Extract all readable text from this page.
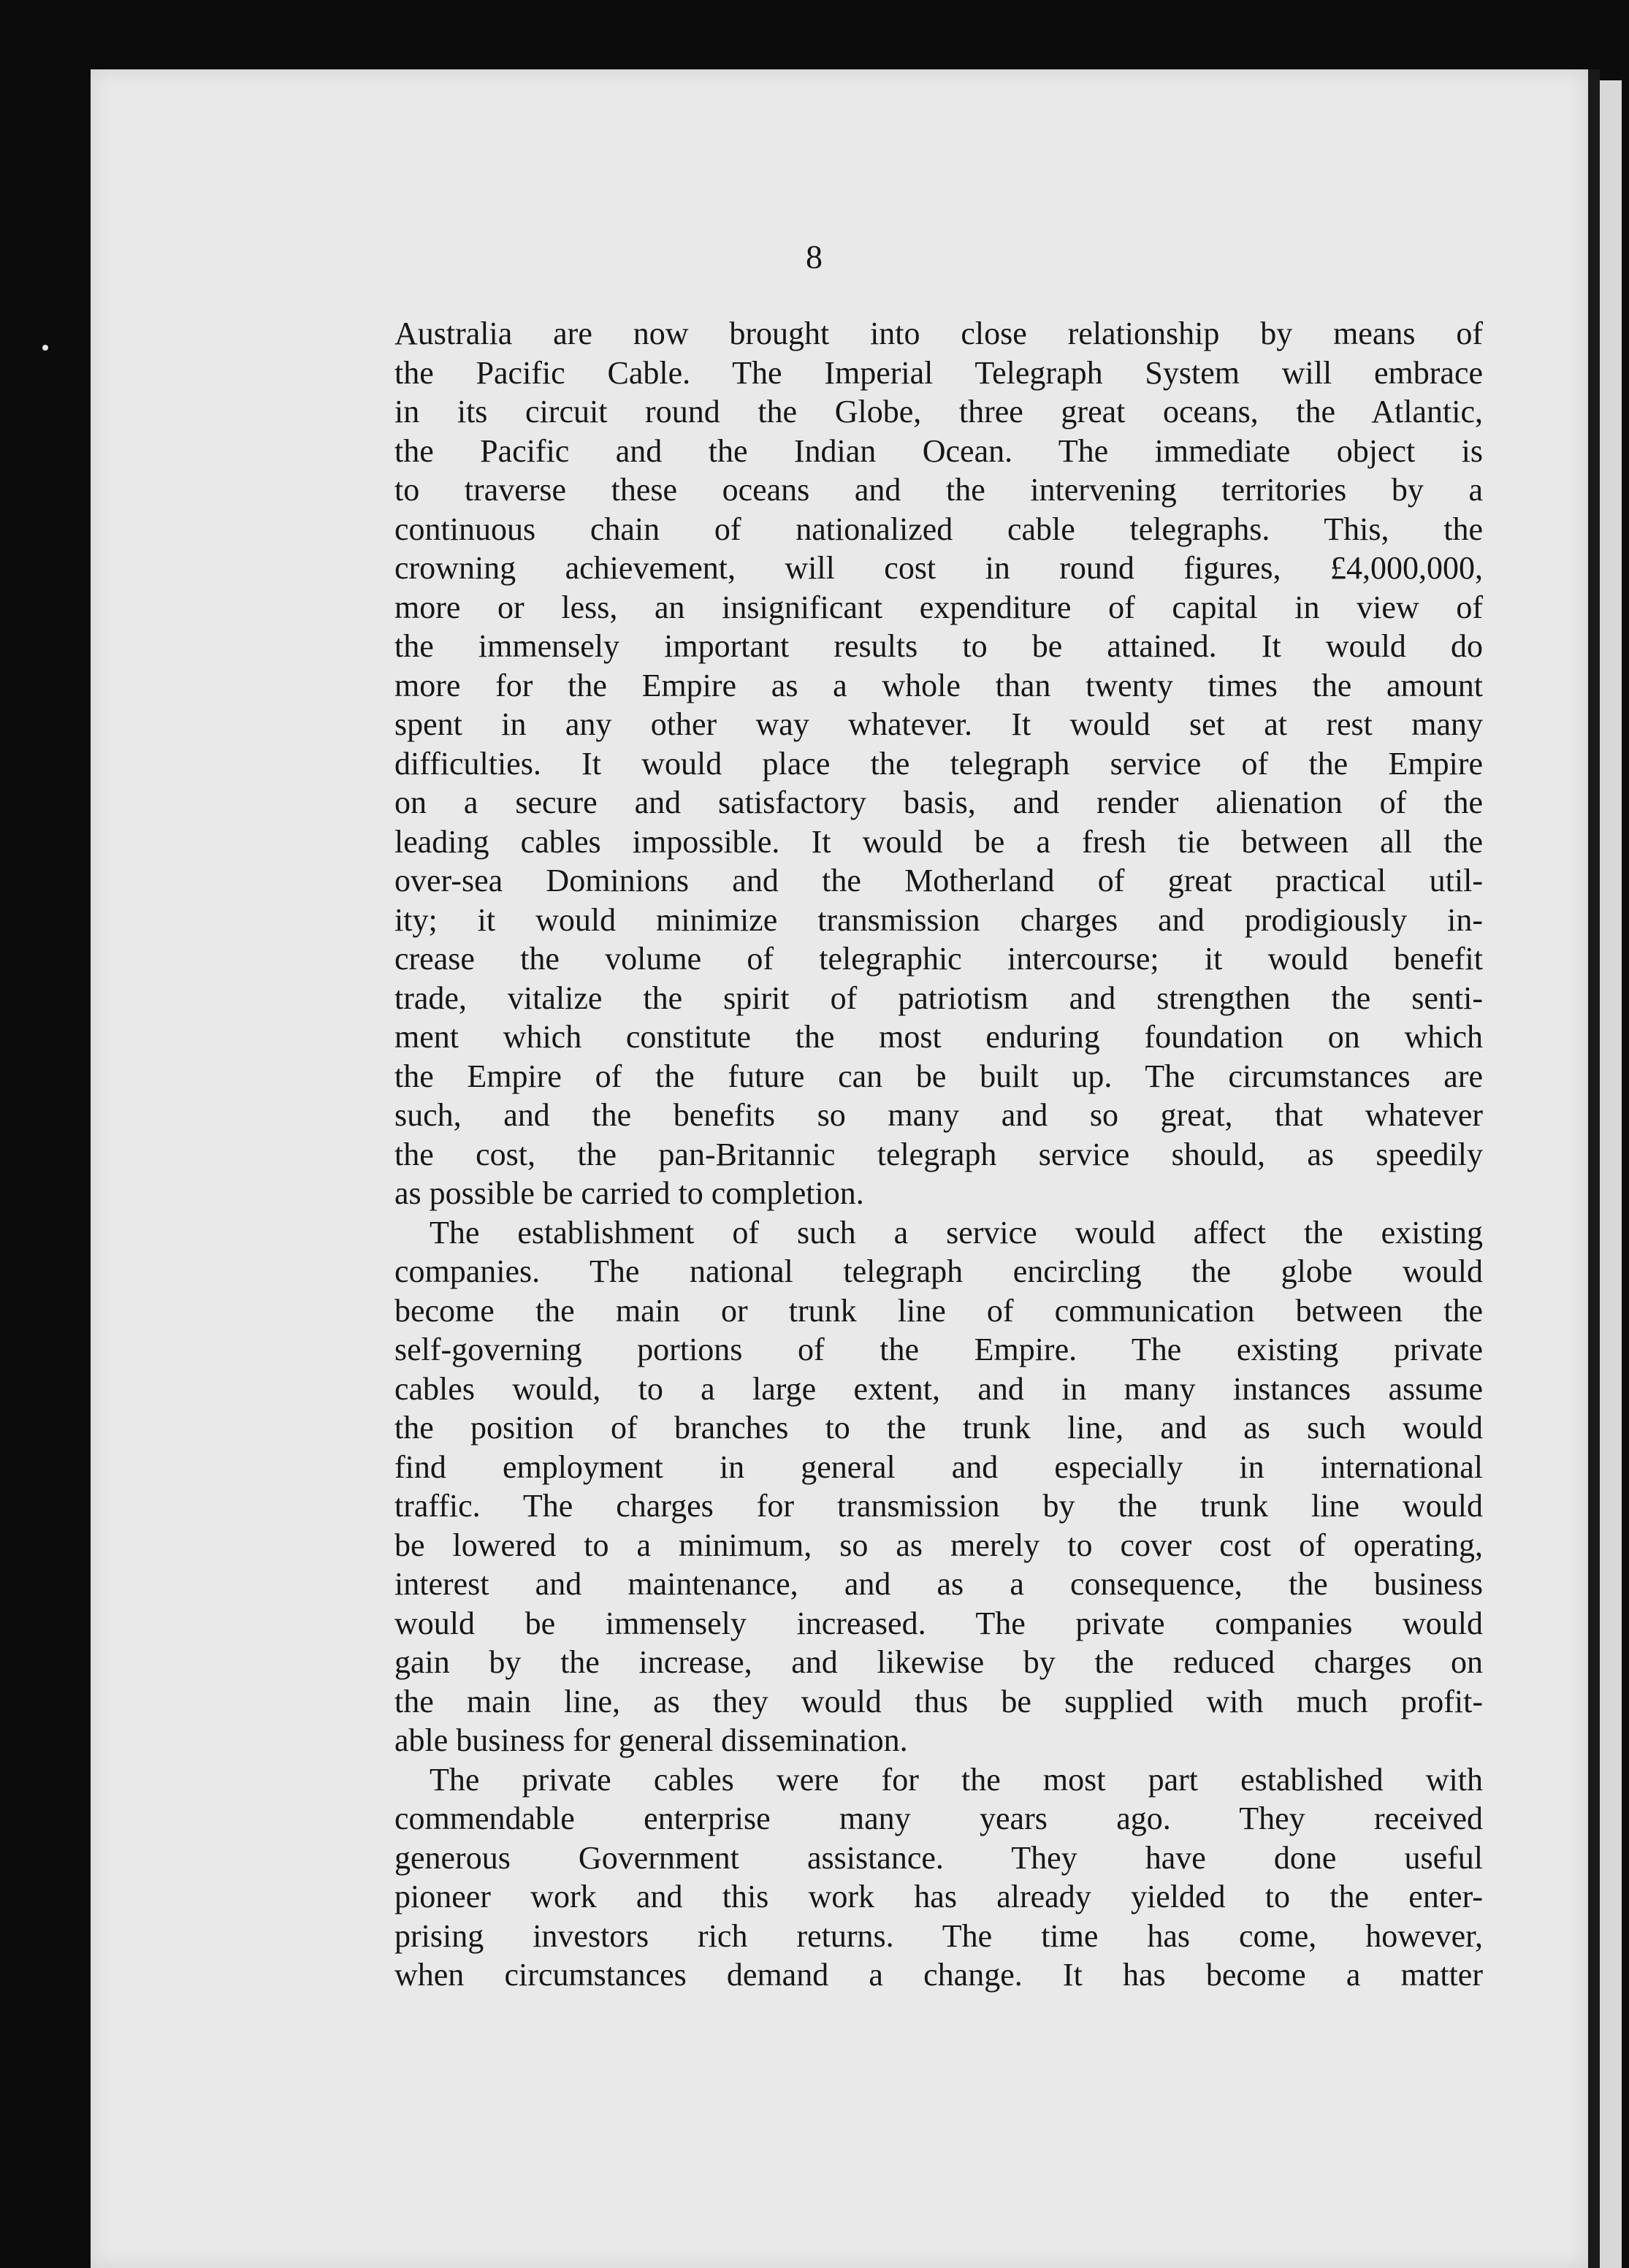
8
Australia are now brought into close relationship by means of
the Pacific Cable. The Imperial Telegraph System will embrace
in its circuit round the Globe, three great oceans, the Atlantic,
the Pacific and the Indian Ocean. The immediate object is
to traverse these oceans and the intervening territories by a
continuous chain of nationalized cable telegraphs. This, the
crowning achievement, will cost in round figures, £4,000,000,
more or less, an insignificant expenditure of capital in view of
the immensely important results to be attained. It would do
more for the Empire as a whole than twenty times the amount
spent in any other way whatever. It would set at rest many
difficulties. It would place the telegraph service of the Empire
on a secure and satisfactory basis, and render alienation of the
leading cables impossible. It would be a fresh tie between all the
over-sea Dominions and the Motherland of great practical util-
ity; it would minimize transmission charges and prodigiously in-
crease the volume of telegraphic intercourse; it would benefit
trade, vitalize the spirit of patriotism and strengthen the senti-
ment which constitute the most enduring foundation on which
the Empire of the future can be built up. The circumstances are
such, and the benefits so many and so great, that whatever
the cost, the pan-Britannic telegraph service should, as speedily
as possible be carried to completion.
The establishment of such a service would affect the existing
companies. The national telegraph encircling the globe would
become the main or trunk line of communication between the
self-governing portions of the Empire. The existing private
cables would, to a large extent, and in many instances assume
the position of branches to the trunk line, and as such would
find employment in general and especially in international
traffic. The charges for transmission by the trunk line would
be lowered to a minimum, so as merely to cover cost of operating,
interest and maintenance, and as a consequence, the business
would be immensely increased. The private companies would
gain by the increase, and likewise by the reduced charges on
the main line, as they would thus be supplied with much profit-
able business for general dissemination.
The private cables were for the most part established with
commendable enterprise many years ago. They received
generous Government assistance. They have done useful
pioneer work and this work has already yielded to the enter-
prising investors rich returns. The time has come, however,
when circumstances demand a change. It has become a matter
